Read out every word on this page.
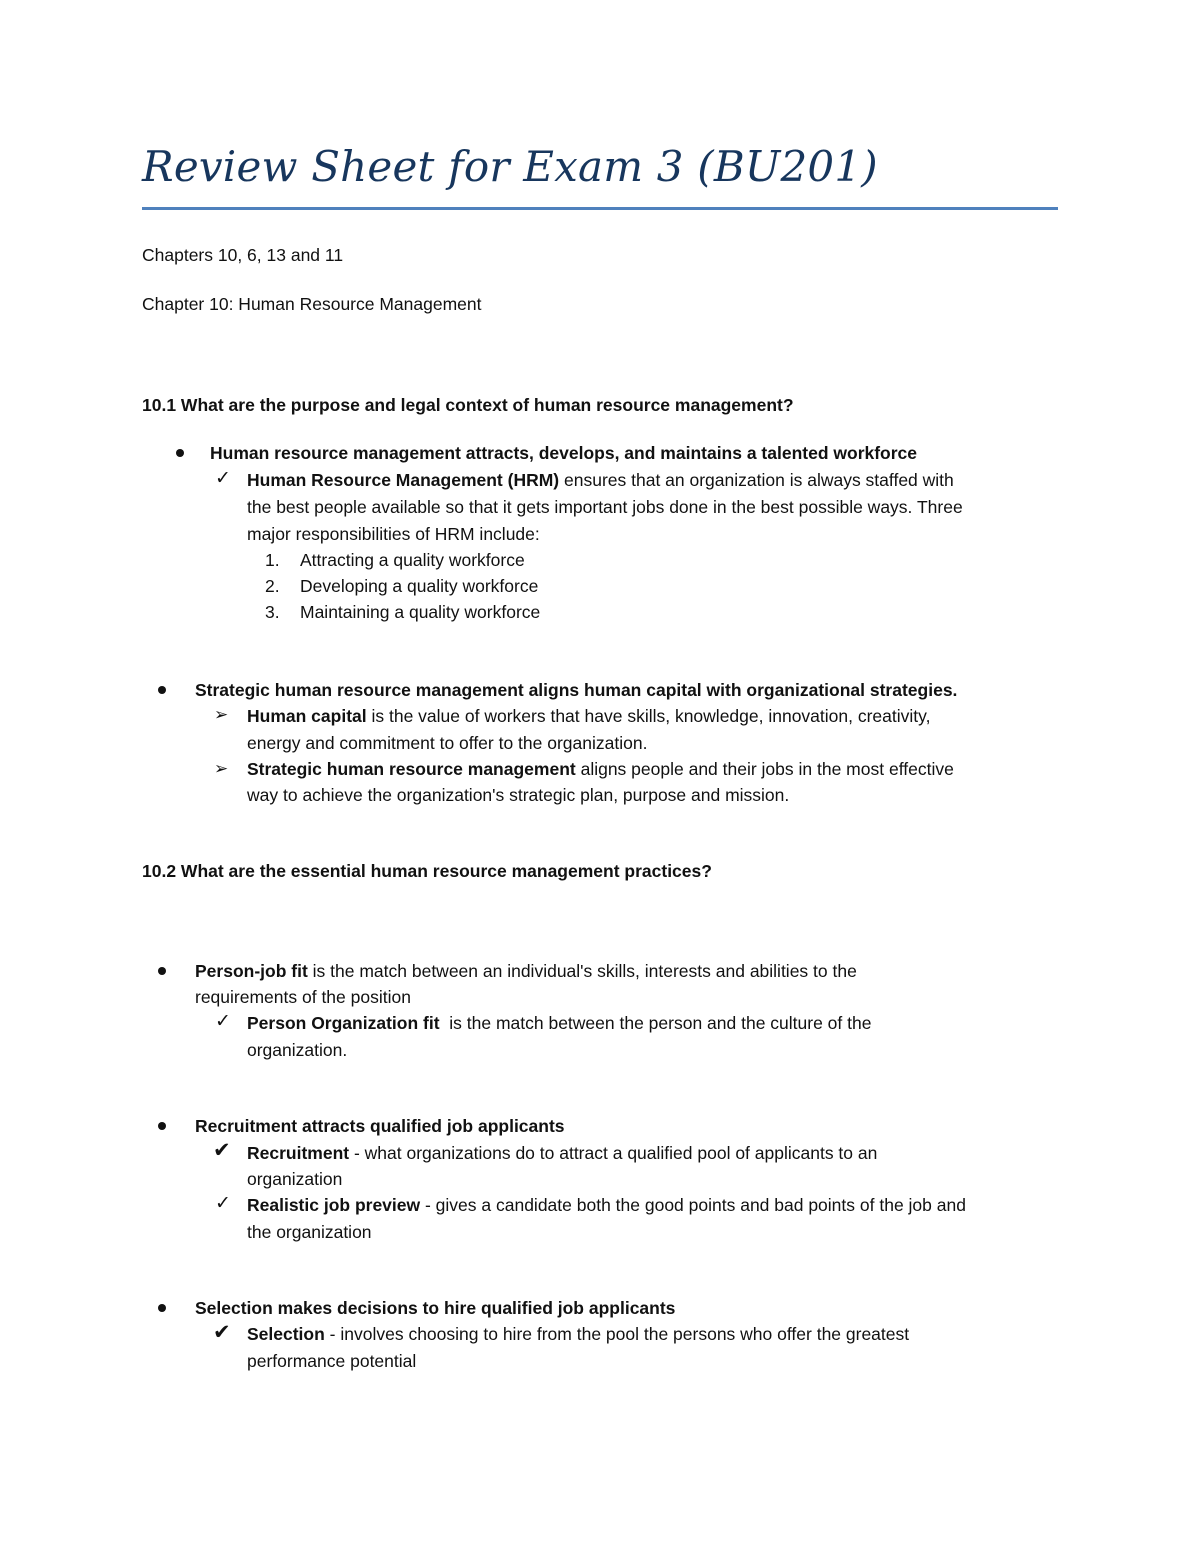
Review Sheet for Exam 3 (BU201)
Chapters 10, 6, 13 and 11
Chapter 10: Human Resource Management
10.1 What are the purpose and legal context of human resource management?
Human resource management attracts, develops, and maintains a talented workforce
✓ Human Resource Management (HRM) ensures that an organization is always staffed with
the best people available so that it gets important jobs done in the best possible ways. Three
major responsibilities of HRM include:
1. Attracting a quality workforce
2. Developing a quality workforce
3. Maintaining a quality workforce
Strategic human resource management aligns human capital with organizational strategies.
➢ Human capital is the value of workers that have skills, knowledge, innovation, creativity,
energy and commitment to offer to the organization.
➢ Strategic human resource management aligns people and their jobs in the most effective
way to achieve the organization's strategic plan, purpose and mission.
10.2 What are the essential human resource management practices?
Person-job fit is the match between an individual's skills, interests and abilities to the
requirements of the position
✓ Person Organization fit  is the match between the person and the culture of the
organization.
Recruitment attracts qualified job applicants
✔ Recruitment - what organizations do to attract a qualified pool of applicants to an
organization
✓ Realistic job preview - gives a candidate both the good points and bad points of the job and
the organization
Selection makes decisions to hire qualified job applicants
✔ Selection - involves choosing to hire from the pool the persons who offer the greatest
performance potential
